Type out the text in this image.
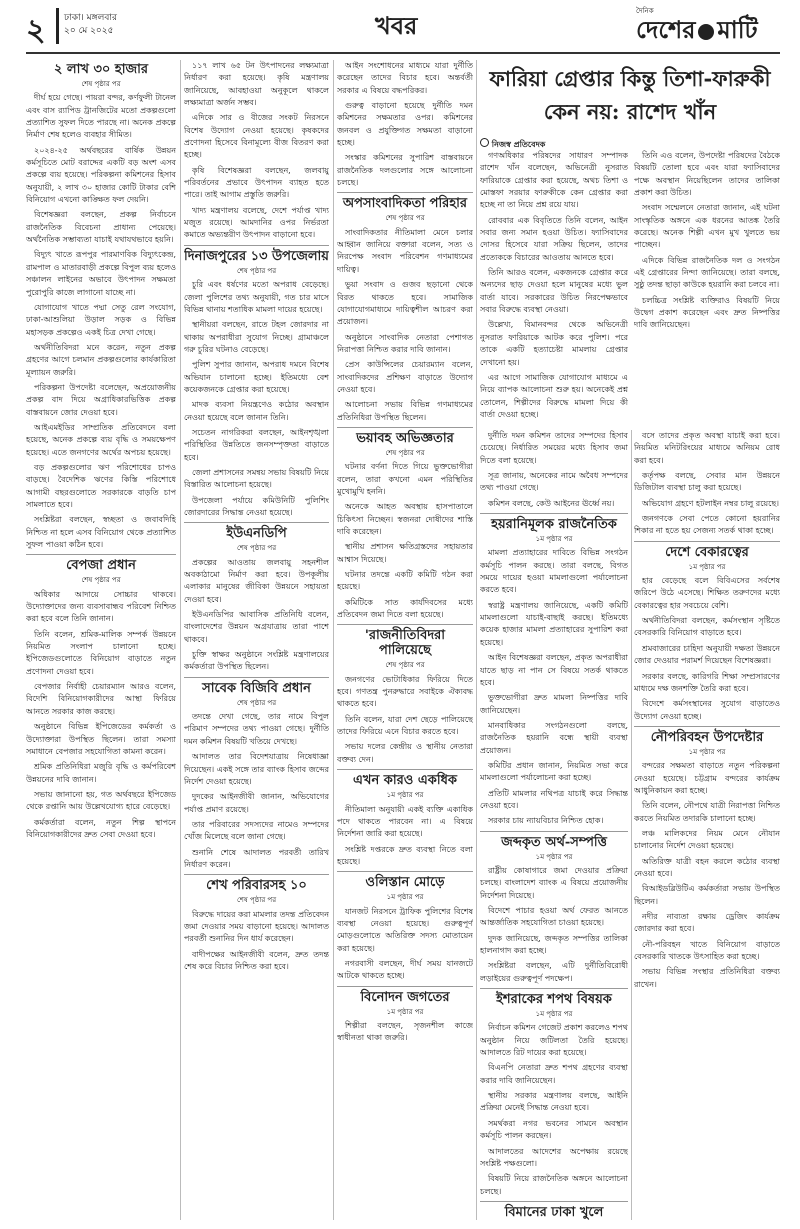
২ ঢাকা। মঙ্গলবার
২০ মে ২০২৫	খবর	দৈনিক
দেশের মাটি
২ লাখ ৩০ হাজার
শেষ পৃষ্ঠার পর

দীর্ঘ হয়ে গেছে। পায়রা বন্দর, কর্ণফুলী টানেল এবং বাস র‍্যাপিড ট্রানজিটের মতো প্রকল্পগুলো প্রত্যাশিত সুফল দিতে পারছে না। অনেক প্রকল্পে নির্মাণ শেষ হলেও ব্যবহার সীমিত।

২০২৪-২৫ অর্থবছরের বার্ষিক উন্নয়ন কর্মসূচিতে মোট বরাদ্দের একটি বড় অংশ এসব প্রকল্পে ব্যয় হয়েছে। পরিকল্পনা কমিশনের হিসাব অনুযায়ী, ২ লাখ ৩০ হাজার কোটি টাকার বেশি বিনিয়োগ এখনো কাঙ্ক্ষিত ফল দেয়নি।

বিশেষজ্ঞরা বলছেন, প্রকল্প নির্বাচনে রাজনৈতিক বিবেচনা প্রাধান্য পেয়েছে। অর্থনৈতিক সম্ভাব্যতা যাচাই যথাযথভাবে হয়নি।

বিদ্যুৎ খাতে রূপপুর পারমাণবিক বিদ্যুৎকেন্দ্র, রামপাল ও মাতারবাড়ী প্রকল্পে বিপুল ব্যয় হলেও সঞ্চালন লাইনের অভাবে উৎপাদন সক্ষমতা পুরোপুরি কাজে লাগানো যাচ্ছে না।

যোগাযোগ খাতে পদ্মা সেতু রেল সংযোগ, ঢাকা-আশুলিয়া উড়াল সড়ক ও বিভিন্ন মহাসড়ক প্রকল্পেও একই চিত্র দেখা গেছে।

অর্থনীতিবিদরা মনে করেন, নতুন প্রকল্প গ্রহণের আগে চলমান প্রকল্পগুলোর কার্যকারিতা মূল্যায়ন জরুরি।

পরিকল্পনা উপদেষ্টা বলেছেন, অপ্রয়োজনীয় প্রকল্প বাদ দিয়ে অগ্রাধিকারভিত্তিক প্রকল্প বাস্তবায়নে জোর দেওয়া হবে।

আইএমইডির সাম্প্রতিক প্রতিবেদনে বলা হয়েছে, অনেক প্রকল্পে ব্যয় বৃদ্ধি ও সময়ক্ষেপণ হয়েছে। এতে জনগণের অর্থের অপচয় হয়েছে।

বড় প্রকল্পগুলোর ঋণ পরিশোধের চাপও বাড়ছে। বৈদেশিক ঋণের কিস্তি পরিশোধে আগামী বছরগুলোতে সরকারকে বাড়তি চাপ সামলাতে হবে।

সংশ্লিষ্টরা বলছেন, স্বচ্ছতা ও জবাবদিহি নিশ্চিত না হলে এসব বিনিয়োগ থেকে প্রত্যাশিত সুফল পাওয়া কঠিন হবে।

বেপজা প্রধান
শেষ পৃষ্ঠার পর

অধিকার আদায়ে সোচ্চার থাকবে। উদ্যোক্তাদের জন্য ব্যবসাবান্ধব পরিবেশ নিশ্চিত করা হবে বলে তিনি জানান।

তিনি বলেন, শ্রমিক-মালিক সম্পর্ক উন্নয়নে নিয়মিত সংলাপ চালানো হচ্ছে। ইপিজেডগুলোতে বিনিয়োগ বাড়াতে নতুন প্রণোদনা দেওয়া হবে।

বেপজার নির্বাহী চেয়ারম্যান আরও বলেন, বিদেশি বিনিয়োগকারীদের আস্থা ফিরিয়ে আনতে সরকার কাজ করছে।

অনুষ্ঠানে বিভিন্ন ইপিজেডের কর্মকর্তা ও উদ্যোক্তারা উপস্থিত ছিলেন। তারা সমস্যা সমাধানে বেপজার সহযোগিতা কামনা করেন।

শ্রমিক প্রতিনিধিরা মজুরি বৃদ্ধি ও কর্মপরিবেশ উন্নয়নের দাবি জানান।

সভায় জানানো হয়, গত অর্থবছরে ইপিজেড থেকে রপ্তানি আয় উল্লেখযোগ্য হারে বেড়েছে।

কর্মকর্তারা বলেন, নতুন শিল্প স্থাপনে বিনিয়োগকারীদের দ্রুত সেবা দেওয়া হবে।

১১৭ লাখ ৬৫ টন উৎপাদনের লক্ষ্যমাত্রা নির্ধারণ করা হয়েছে। কৃষি মন্ত্রণালয় জানিয়েছে, আবহাওয়া অনুকূলে থাকলে লক্ষ্যমাত্রা অর্জন সম্ভব।

এদিকে সার ও বীজের সংকট নিরসনে বিশেষ উদ্যোগ নেওয়া হয়েছে। কৃষকদের প্রণোদনা হিসেবে বিনামূল্যে বীজ বিতরণ করা হচ্ছে।

কৃষি বিশেষজ্ঞরা বলছেন, জলবায়ু পরিবর্তনের প্রভাবে উৎপাদন ব্যাহত হতে পারে। তাই আগাম প্রস্তুতি জরুরি।

খাদ্য মন্ত্রণালয় বলেছে, দেশে পর্যাপ্ত খাদ্য মজুত রয়েছে। আমদানির ওপর নির্ভরতা কমাতে অভ্যন্তরীণ উৎপাদন বাড়ানো হবে।

দিনাজপুরের ১৩ উপজেলায়
শেষ পৃষ্ঠার পর

চুরি এবং ধর্ষণের মতো অপরাধ বেড়েছে। জেলা পুলিশের তথ্য অনুযায়ী, গত চার মাসে বিভিন্ন থানায় শতাধিক মামলা দায়ের হয়েছে।

স্থানীয়রা বলছেন, রাতে টহল জোরদার না থাকায় অপরাধীরা সুযোগ নিচ্ছে। গ্রামাঞ্চলে গরু চুরির ঘটনাও বেড়েছে।

পুলিশ সুপার জানান, অপরাধ দমনে বিশেষ অভিযান চালানো হচ্ছে। ইতিমধ্যে বেশ কয়েকজনকে গ্রেপ্তার করা হয়েছে।

মাদক ব্যবসা নিয়ন্ত্রণেও কঠোর অবস্থান নেওয়া হয়েছে বলে জানান তিনি।

সচেতন নাগরিকরা বলছেন, আইনশৃঙ্খলা পরিস্থিতির উন্নতিতে জনসম্পৃক্ততা বাড়াতে হবে।

জেলা প্রশাসনের সমন্বয় সভায় বিষয়টি নিয়ে বিস্তারিত আলোচনা হয়েছে।

উপজেলা পর্যায়ে কমিউনিটি পুলিশিং জোরদারের সিদ্ধান্ত নেওয়া হয়েছে।

ইউএনডিপি
শেষ পৃষ্ঠার পর

প্রকল্পের আওতায় জলবায়ু সহনশীল অবকাঠামো নির্মাণ করা হবে। উপকূলীয় এলাকার মানুষের জীবিকা উন্নয়নে সহায়তা দেওয়া হবে।

ইউএনডিপির আবাসিক প্রতিনিধি বলেন, বাংলাদেশের উন্নয়ন অগ্রযাত্রায় তারা পাশে থাকবে।

চুক্তি স্বাক্ষর অনুষ্ঠানে সংশ্লিষ্ট মন্ত্রণালয়ের কর্মকর্তারা উপস্থিত ছিলেন।

সাবেক বিজিবি প্রধান
শেষ পৃষ্ঠার পর

তদন্তে দেখা গেছে, তার নামে বিপুল পরিমাণ সম্পদের তথ্য পাওয়া গেছে। দুর্নীতি দমন কমিশন বিষয়টি খতিয়ে দেখছে।

আদালত তার বিদেশযাত্রায় নিষেধাজ্ঞা দিয়েছেন। একই সঙ্গে তার ব্যাংক হিসাব জব্দের নির্দেশ দেওয়া হয়েছে।

দুদকের আইনজীবী জানান, অভিযোগের পর্যাপ্ত প্রমাণ রয়েছে।

তার পরিবারের সদস্যদের নামেও সম্পদের খোঁজ মিলেছে বলে জানা গেছে।

শুনানি শেষে আদালত পরবর্তী তারিখ নির্ধারণ করেন।

শেখ পরিবারসহ ১০
শেষ পৃষ্ঠার পর

বিরুদ্ধে দায়ের করা মামলার তদন্ত প্রতিবেদন জমা দেওয়ার সময় বাড়ানো হয়েছে। আদালত পরবর্তী শুনানির দিন ধার্য করেছেন।

বাদীপক্ষের আইনজীবী বলেন, দ্রুত তদন্ত শেষ করে বিচার নিশ্চিত করা হবে।

আইন সংশোধনের মাধ্যমে যারা দুর্নীতি করেছেন তাদের বিচার হবে। অন্তর্বর্তী সরকার এ বিষয়ে বদ্ধপরিকর।

গুরুত্ব বাড়ানো হয়েছে দুর্নীতি দমন কমিশনের সক্ষমতার ওপর। কমিশনের জনবল ও প্রযুক্তিগত সক্ষমতা বাড়ানো হচ্ছে।

সংস্কার কমিশনের সুপারিশ বাস্তবায়নে রাজনৈতিক দলগুলোর সঙ্গে আলোচনা চলছে।

অপসাংবাদিকতা পরিহার
শেষ পৃষ্ঠার পর

সাংবাদিকতার নীতিমালা মেনে চলার আহ্বান জানিয়ে বক্তারা বলেন, সত্য ও নিরপেক্ষ সংবাদ পরিবেশন গণমাধ্যমের দায়িত্ব।

ভুয়া সংবাদ ও গুজব ছড়ানো থেকে বিরত থাকতে হবে। সামাজিক যোগাযোগমাধ্যমে দায়িত্বশীল আচরণ করা প্রয়োজন।

অনুষ্ঠানে সাংবাদিক নেতারা পেশাগত নিরাপত্তা নিশ্চিত করার দাবি জানান।

প্রেস কাউন্সিলের চেয়ারম্যান বলেন, সাংবাদিকদের প্রশিক্ষণ বাড়াতে উদ্যোগ নেওয়া হবে।

আলোচনা সভায় বিভিন্ন গণমাধ্যমের প্রতিনিধিরা উপস্থিত ছিলেন।

ভয়াবহ অভিজ্ঞতার
শেষ পৃষ্ঠার পর

ঘটনার বর্ণনা দিতে গিয়ে ভুক্তভোগীরা বলেন, তারা কখনো এমন পরিস্থিতির মুখোমুখি হননি।

অনেকে আহত অবস্থায় হাসপাতালে চিকিৎসা নিচ্ছেন। স্বজনরা দোষীদের শাস্তি দাবি করেছেন।

স্থানীয় প্রশাসন ক্ষতিগ্রস্তদের সহায়তার আশ্বাস দিয়েছে।

ঘটনার তদন্তে একটি কমিটি গঠন করা হয়েছে।

কমিটিকে সাত কার্যদিবসের মধ্যে প্রতিবেদন জমা দিতে বলা হয়েছে।

'রাজনীতিবিদরা পালিয়েছে
শেষ পৃষ্ঠার পর

জনগণের ভোটাধিকার ফিরিয়ে দিতে হবে। গণতন্ত্র পুনরুদ্ধারে সবাইকে ঐক্যবদ্ধ থাকতে হবে।

তিনি বলেন, যারা দেশ ছেড়ে পালিয়েছে তাদের ফিরিয়ে এনে বিচার করতে হবে।

সভায় দলের কেন্দ্রীয় ও স্থানীয় নেতারা বক্তব্য দেন।

এখন কারও একধিক
১ম পৃষ্ঠার পর

নীতিমালা অনুযায়ী একই ব্যক্তি একাধিক পদে থাকতে পারবেন না। এ বিষয়ে নির্দেশনা জারি করা হয়েছে।

সংশ্লিষ্ট দপ্তরকে দ্রুত ব্যবস্থা নিতে বলা হয়েছে।

ওলিস্তান মোড়ে
১ম পৃষ্ঠার পর

যানজট নিরসনে ট্রাফিক পুলিশের বিশেষ ব্যবস্থা নেওয়া হয়েছে। গুরুত্বপূর্ণ মোড়গুলোতে অতিরিক্ত সদস্য মোতায়েন করা হয়েছে।

নগরবাসী বলছেন, দীর্ঘ সময় যানজটে আটকে থাকতে হচ্ছে।

বিনোদন জগতের
১ম পৃষ্ঠার পর

শিল্পীরা বলছেন, সৃজনশীল কাজে স্বাধীনতা থাকা জরুরি।

ফারিয়া গ্রেপ্তার কিন্তু তিশা-ফারুকী
কেন নয়: রাশেদ খাঁন
নিজস্ব প্রতিবেদক

গণঅধিকার পরিষদের সাধারণ সম্পাদক রাশেদ খাঁন বলেছেন, অভিনেত্রী নুসরাত ফারিয়াকে গ্রেপ্তার করা হয়েছে, অথচ তিশা ও মোস্তফা সরয়ার ফারুকীকে কেন গ্রেপ্তার করা হচ্ছে না তা নিয়ে প্রশ্ন রয়ে যায়।

রোববার এক বিবৃতিতে তিনি বলেন, আইন সবার জন্য সমান হওয়া উচিত। ফ্যাসিবাদের দোসর হিসেবে যারা সক্রিয় ছিলেন, তাদের প্রত্যেককে বিচারের আওতায় আনতে হবে।

তিনি আরও বলেন, একজনকে গ্রেপ্তার করে অন্যদের ছাড় দেওয়া হলে মানুষের মধ্যে ভুল বার্তা যাবে। সরকারের উচিত নিরপেক্ষভাবে সবার বিরুদ্ধে ব্যবস্থা নেওয়া।

উল্লেখ্য, বিমানবন্দর থেকে অভিনেত্রী নুসরাত ফারিয়াকে আটক করে পুলিশ। পরে তাকে একটি হত্যাচেষ্টা মামলায় গ্রেপ্তার দেখানো হয়।

এর আগে সামাজিক যোগাযোগ মাধ্যমে এ নিয়ে ব্যাপক আলোচনা শুরু হয়। অনেকেই প্রশ্ন তোলেন, শিল্পীদের বিরুদ্ধে মামলা দিয়ে কী বার্তা দেওয়া হচ্ছে।

তিনি এও বলেন, উপদেষ্টা পরিষদের বৈঠকে বিষয়টি তোলা হবে এবং যারা ফ্যাসিবাদের পক্ষে অবস্থান নিয়েছিলেন তাদের তালিকা প্রকাশ করা উচিত।

সংবাদ সম্মেলনে নেতারা জানান, এই ঘটনা সাংস্কৃতিক অঙ্গনে এক ধরনের আতঙ্ক তৈরি করেছে। অনেক শিল্পী এখন মুখ খুলতে ভয় পাচ্ছেন।

এদিকে বিভিন্ন রাজনৈতিক দল ও সংগঠন এই গ্রেপ্তারের নিন্দা জানিয়েছে। তারা বলছে, সুষ্ঠু তদন্ত ছাড়া কাউকে হয়রানি করা চলবে না।

চলচ্চিত্র সংশ্লিষ্ট ব্যক্তিরাও বিষয়টি নিয়ে উদ্বেগ প্রকাশ করেছেন এবং দ্রুত নিষ্পত্তির দাবি জানিয়েছেন।

দুর্নীতি দমন কমিশন তাদের সম্পদের হিসাব চেয়েছে। নির্ধারিত সময়ের মধ্যে হিসাব জমা দিতে বলা হয়েছে।

সূত্র জানায়, অনেকের নামে অবৈধ সম্পদের তথ্য পাওয়া গেছে।

কমিশন বলছে, কেউ আইনের ঊর্ধ্বে নয়।

হয়রানিমূলক রাজনৈতিক
১ম পৃষ্ঠার পর

মামলা প্রত্যাহারের দাবিতে বিভিন্ন সংগঠন কর্মসূচি পালন করছে। তারা বলছে, বিগত সময়ে দায়ের হওয়া মামলাগুলো পর্যালোচনা করতে হবে।

স্বরাষ্ট্র মন্ত্রণালয় জানিয়েছে, একটি কমিটি মামলাগুলো যাচাই-বাছাই করছে। ইতিমধ্যে কয়েক হাজার মামলা প্রত্যাহারের সুপারিশ করা হয়েছে।

আইন বিশেষজ্ঞরা বলছেন, প্রকৃত অপরাধীরা যাতে ছাড় না পান সে বিষয়ে সতর্ক থাকতে হবে।

ভুক্তভোগীরা দ্রুত মামলা নিষ্পত্তির দাবি জানিয়েছেন।

মানবাধিকার সংগঠনগুলো বলছে, রাজনৈতিক হয়রানি বন্ধে স্থায়ী ব্যবস্থা প্রয়োজন।

কমিটির প্রধান জানান, নিয়মিত সভা করে মামলাগুলো পর্যালোচনা করা হচ্ছে।

প্রতিটি মামলার নথিপত্র যাচাই করে সিদ্ধান্ত নেওয়া হবে।

সরকার চায় ন্যায়বিচার নিশ্চিত হোক।

জব্দকৃত অর্থ-সম্পত্তি
১ম পৃষ্ঠার পর

রাষ্ট্রীয় কোষাগারে জমা দেওয়ার প্রক্রিয়া চলছে। বাংলাদেশ ব্যাংক এ বিষয়ে প্রয়োজনীয় নির্দেশনা দিয়েছে।

বিদেশে পাচার হওয়া অর্থ ফেরত আনতে আন্তর্জাতিক সহযোগিতা চাওয়া হয়েছে।

দুদক জানিয়েছে, জব্দকৃত সম্পত্তির তালিকা হালনাগাদ করা হচ্ছে।

সংশ্লিষ্টরা বলছেন, এটি দুর্নীতিবিরোধী লড়াইয়ের গুরুত্বপূর্ণ পদক্ষেপ।

ইশরাকের শপথ বিষয়ক
১ম পৃষ্ঠার পর

নির্বাচন কমিশন গেজেট প্রকাশ করলেও শপথ অনুষ্ঠান নিয়ে জটিলতা তৈরি হয়েছে। আদালতে রিট দায়ের করা হয়েছে।

বিএনপি নেতারা দ্রুত শপথ গ্রহণের ব্যবস্থা করার দাবি জানিয়েছেন।

স্থানীয় সরকার মন্ত্রণালয় বলছে, আইনি প্রক্রিয়া মেনেই সিদ্ধান্ত নেওয়া হবে।

সমর্থকরা নগর ভবনের সামনে অবস্থান কর্মসূচি পালন করছেন।

আদালতের আদেশের অপেক্ষায় রয়েছে সংশ্লিষ্ট পক্ষগুলো।

বিষয়টি নিয়ে রাজনৈতিক অঙ্গনে আলোচনা চলছে।

বিমানের ঢাকা খুলে

বসে তাদের প্রকৃত অবস্থা যাচাই করা হবে। নিয়মিত মনিটরিংয়ের মাধ্যমে অনিয়ম রোধ করা হবে।

কর্তৃপক্ষ বলছে, সেবার মান উন্নয়নে ডিজিটাল ব্যবস্থা চালু করা হয়েছে।

অভিযোগ গ্রহণে হটলাইন নম্বর চালু রয়েছে।

জনগণকে সেবা পেতে কোনো হয়রানির শিকার না হতে হয় সেজন্য সতর্ক থাকা হচ্ছে।

দেশে বেকারত্বের
১ম পৃষ্ঠার পর

হার বেড়েছে বলে বিবিএসের সর্বশেষ জরিপে উঠে এসেছে। শিক্ষিত তরুণদের মধ্যে বেকারত্বের হার সবচেয়ে বেশি।

অর্থনীতিবিদরা বলছেন, কর্মসংস্থান সৃষ্টিতে বেসরকারি বিনিয়োগ বাড়াতে হবে।

শ্রমবাজারের চাহিদা অনুযায়ী দক্ষতা উন্নয়নে জোর দেওয়ার পরামর্শ দিয়েছেন বিশেষজ্ঞরা।

সরকার বলছে, কারিগরি শিক্ষা সম্প্রসারণের মাধ্যমে দক্ষ জনশক্তি তৈরি করা হবে।

বিদেশে কর্মসংস্থানের সুযোগ বাড়াতেও উদ্যোগ নেওয়া হচ্ছে।

নৌপরিবহন উপদেষ্টার
১ম পৃষ্ঠার পর

বন্দরের সক্ষমতা বাড়াতে নতুন পরিকল্পনা নেওয়া হয়েছে। চট্টগ্রাম বন্দরের কার্যক্রম আধুনিকায়ন করা হচ্ছে।

তিনি বলেন, নৌপথে যাত্রী নিরাপত্তা নিশ্চিত করতে নিয়মিত তদারকি চালানো হচ্ছে।

লঞ্চ মালিকদের নিয়ম মেনে নৌযান চালানোর নির্দেশ দেওয়া হয়েছে।

অতিরিক্ত যাত্রী বহন করলে কঠোর ব্যবস্থা নেওয়া হবে।

বিআইডব্লিউটিএ কর্মকর্তারা সভায় উপস্থিত ছিলেন।

নদীর নাব্যতা রক্ষায় ড্রেজিং কার্যক্রম জোরদার করা হবে।

নৌ-পরিবহন খাতে বিনিয়োগ বাড়াতে বেসরকারি খাতকে উৎসাহিত করা হচ্ছে।

সভায় বিভিন্ন সংস্থার প্রতিনিধিরা বক্তব্য রাখেন।
